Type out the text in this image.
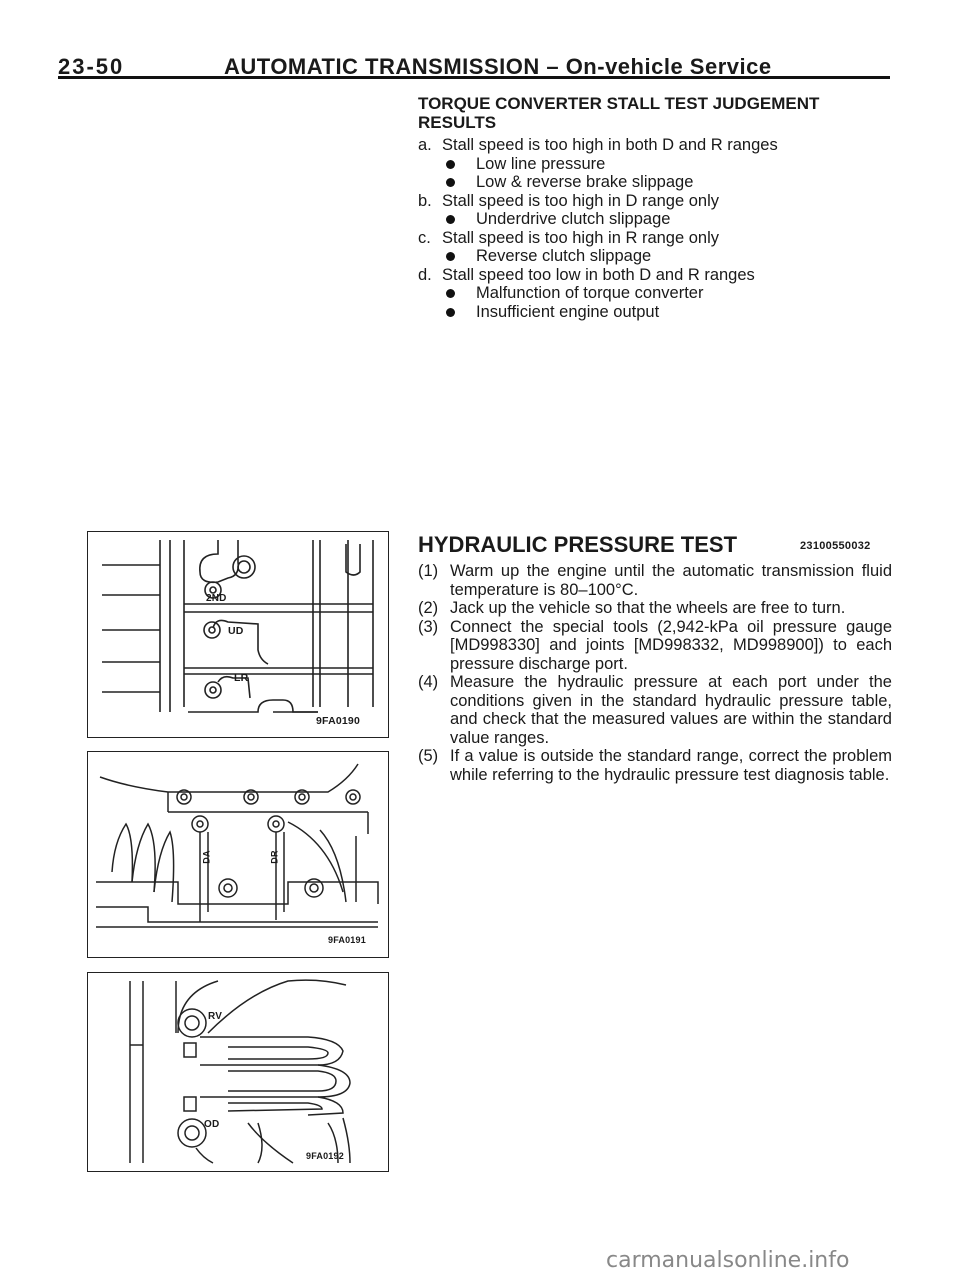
23-50	AUTOMATIC TRANSMISSION – On-vehicle Service
TORQUE CONVERTER STALL TEST JUDGEMENT
RESULTS
a. Stall speed is too high in both D and R ranges
Low line pressure
Low & reverse brake slippage
b. Stall speed is too high in D range only
Underdrive clutch slippage
c. Stall speed is too high in R range only
Reverse clutch slippage
d. Stall speed too low in both D and R ranges
Malfunction of torque converter
Insufficient engine output
HYDRAULIC PRESSURE TEST	23100550032
(1) Warm up the engine until the automatic transmission fluid temperature is 80–100°C.
(2) Jack up the vehicle so that the wheels are free to turn.
(3) Connect the special tools (2,942-kPa oil pressure gauge [MD998330] and joints [MD998332, MD998900]) to each pressure discharge port.
(4) Measure the hydraulic pressure at each port under the conditions given in the standard hydraulic pressure table, and check that the measured values are within the standard value ranges.
(5) If a value is outside the standard range, correct the problem while referring to the hydraulic pressure test diagnosis table.
2ND
UD
LR
9FA0190
DA	DR
9FA0191
RV
OD
9FA0192
carmanualsonline.info
